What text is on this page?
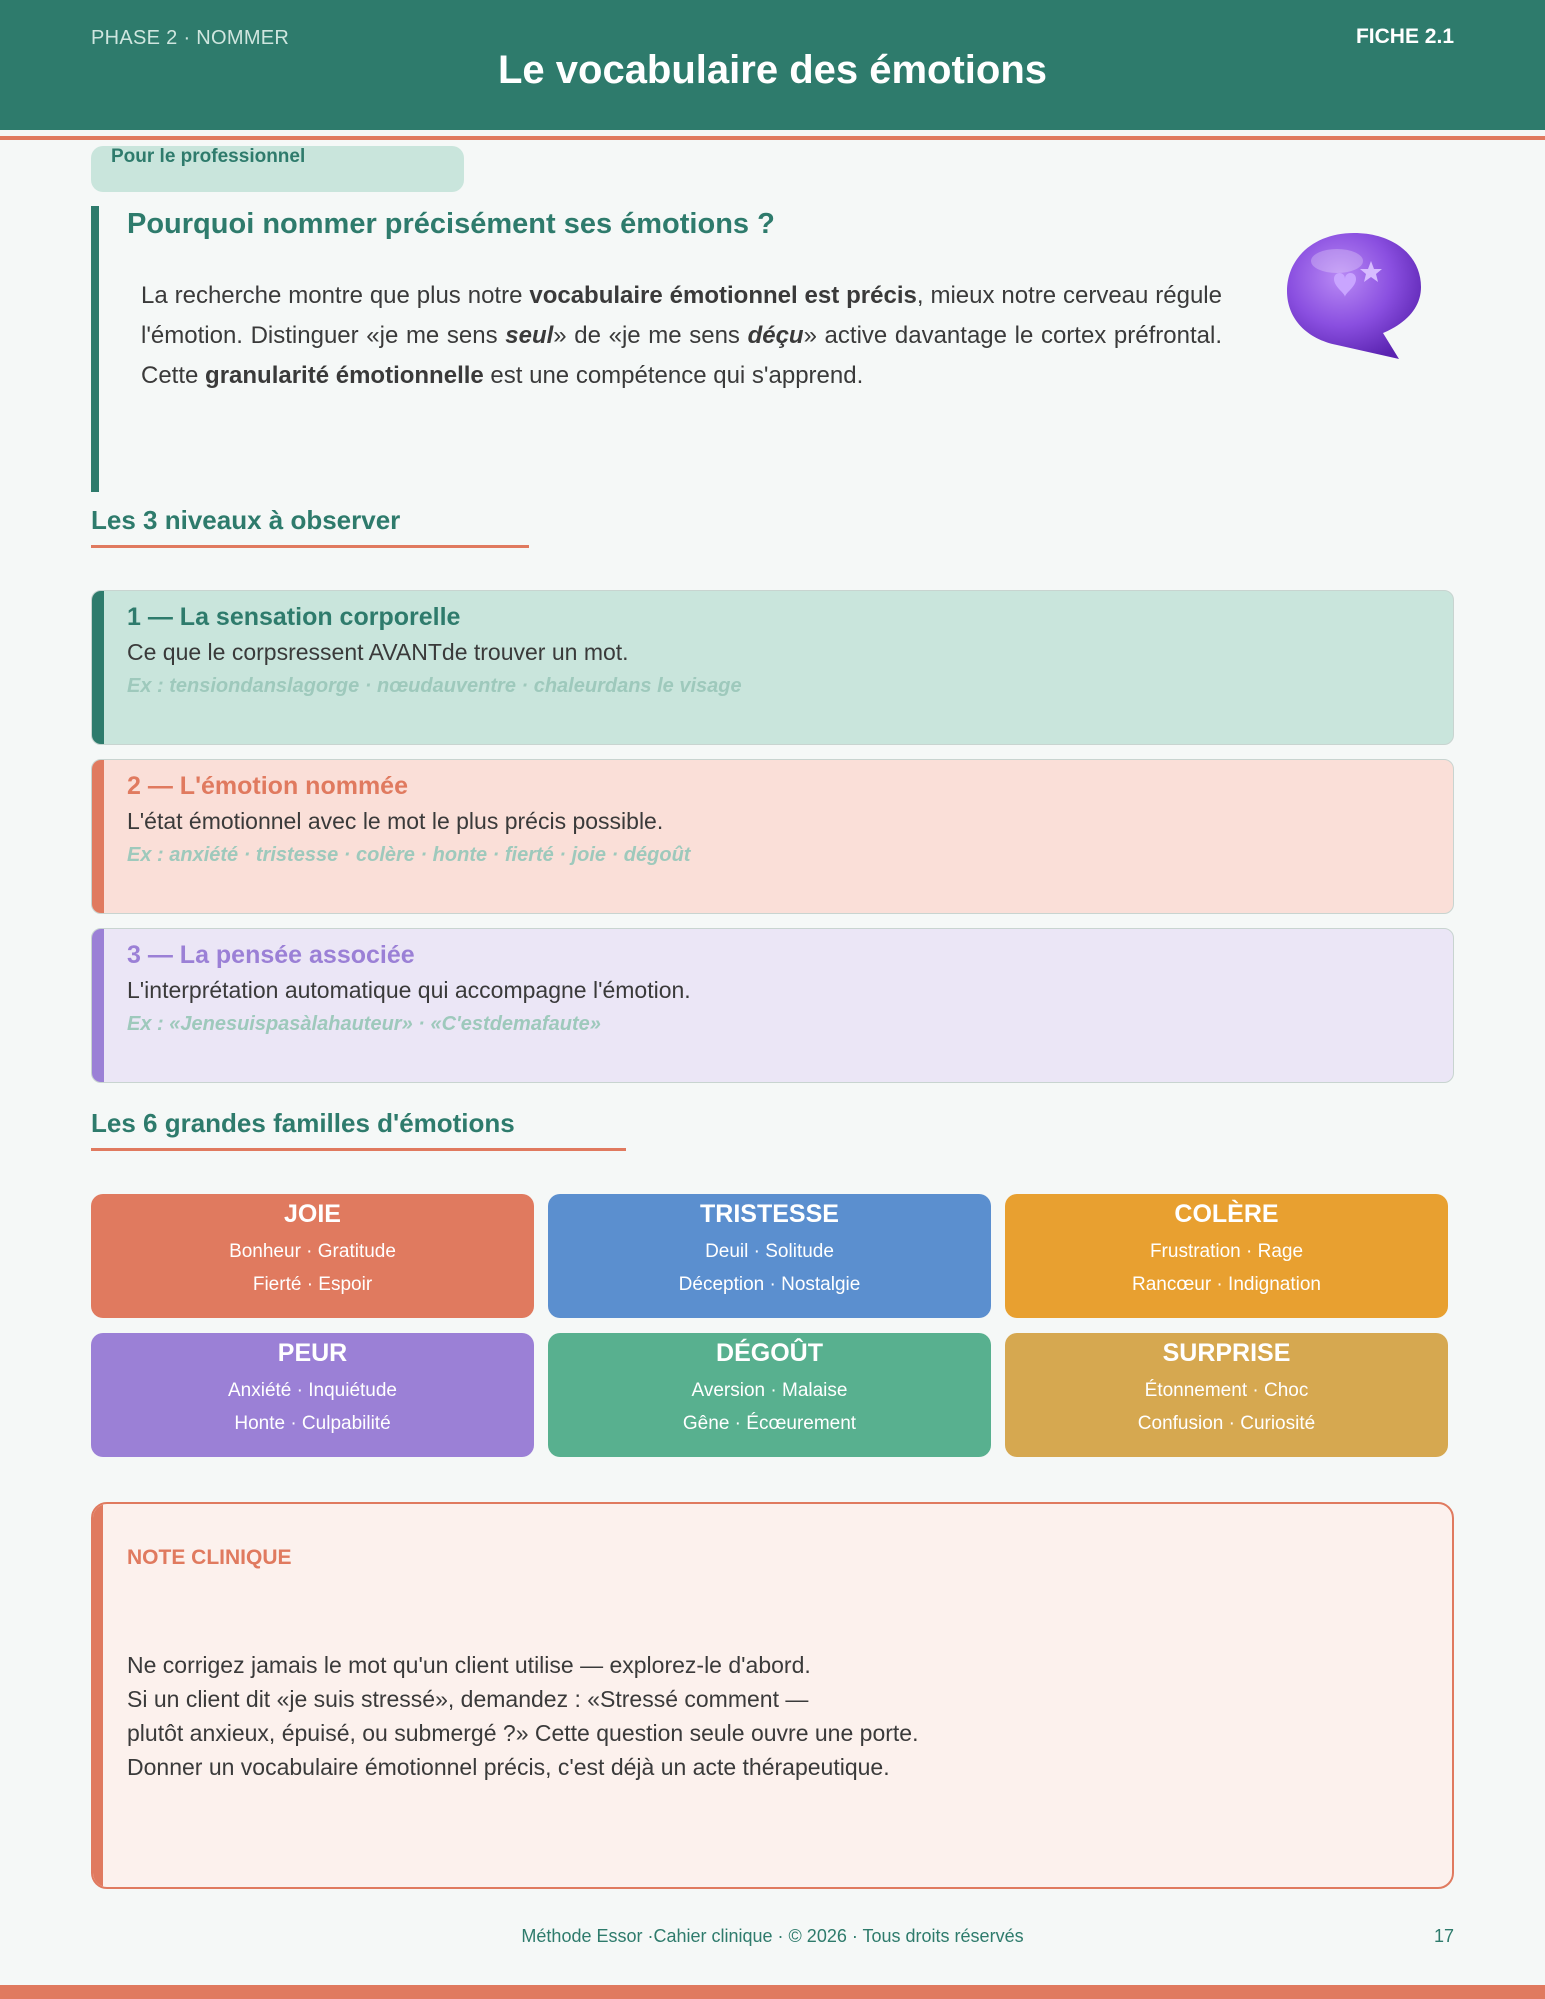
PHASE 2 · NOMMER	FICHE 2.1
Le vocabulaire des émotions
Pour le professionnel
Pourquoi nommer précisément ses émotions ?

La recherche montre que plus notre vocabulaire émotionnel est précis, mieux notre cerveau régule l'émotion. Distinguer «je me sens seul» de «je me sens déçu» active davantage le cortex préfrontal. Cette granularité émotionnelle est une compétence qui s'apprend.

Les 3 niveaux à observer
1 — La sensation corporelle
Ce que le corpsressent AVANTde trouver un mot.
Ex : tensiondanslagorge · nœudauventre · chaleurdans le visage
2 — L'émotion nommée
L'état émotionnel avec le mot le plus précis possible.
Ex : anxiété · tristesse · colère · honte · fierté · joie · dégoût
3 — La pensée associée
L'interprétation automatique qui accompagne l'émotion.
Ex : «Jenesuispasàlahauteur» · «C'estdemafaute»
Les 6 grandes familles d'émotions
JOIE
Bonheur · Gratitude
Fierté · Espoir
TRISTESSE
Deuil · Solitude
Déception · Nostalgie
COLÈRE
Frustration · Rage
Rancœur · Indignation
PEUR
Anxiété · Inquiétude
Honte · Culpabilité
DÉGOÛT
Aversion · Malaise
Gêne · Écœurement
SURPRISE
Étonnement · Choc
Confusion · Curiosité
NOTE CLINIQUE
Ne corrigez jamais le mot qu'un client utilise — explorez-le d'abord.
Si un client dit «je suis stressé», demandez : «Stressé comment —
plutôt anxieux, épuisé, ou submergé ?» Cette question seule ouvre une porte.
Donner un vocabulaire émotionnel précis, c'est déjà un acte thérapeutique.
Méthode Essor ·Cahier clinique · © 2026 · Tous droits réservés	17
